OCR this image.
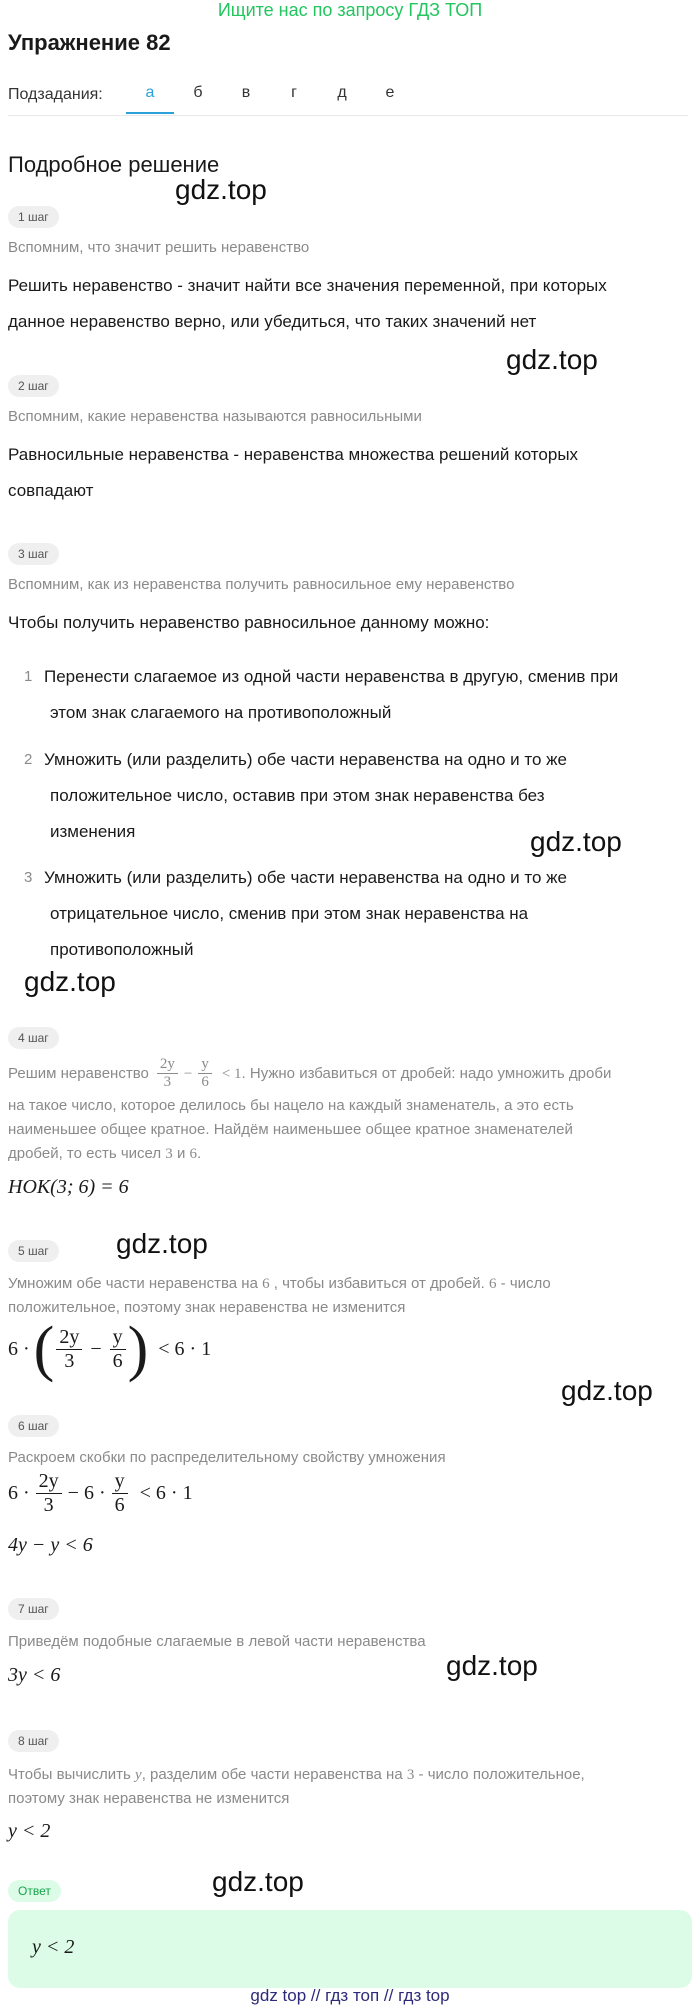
Ищите нас по запросу ГДЗ ТОП
Упражнение 82
Подзадания:	а	б	в	г	д	е
Подробное решение
1 шаг
Вспомним, что значит решить неравенство
Решить неравенство - значит найти все значения переменной, при которых
данное неравенство верно, или убедиться, что таких значений нет
2 шаг
Вспомним, какие неравенства называются равносильными
Равносильные неравенства - неравенства множества решений которых
совпадают
3 шаг
Вспомним, как из неравенства получить равносильное ему неравенство
Чтобы получить неравенство равносильное данному можно:
1 Перенести слагаемое из одной части неравенства в другую, сменив при
этом знак слагаемого на противоположный
2 Умножить (или разделить) обе части неравенства на одно и то же
положительное число, оставив при этом знак неравенства без
изменения
3 Умножить (или разделить) обе части неравенства на одно и то же
отрицательное число, сменив при этом знак неравенства на
противоположный
4 шаг
Решим неравенство $\frac{2y}{3} - \frac{y}{6} < 1$ . Нужно избавиться от дробей: надо умножить дроби
на такое число, которое делилось бы нацело на каждый знаменатель, а это есть
наименьшее общее кратное. Найдём наименьшее общее кратное знаменателей
дробей, то есть чисел 3 и 6.
НОК(3; 6) = 6
5 шаг
Умножим обе части неравенства на 6 , чтобы избавиться от дробей. 6 - число
положительное, поэтому знак неравенства не изменится
6 · ( $\frac{2y}{3} - \frac{y}{6}$ ) < 6 · 1
6 шаг
Раскроем скобки по распределительному свойству умножения
$6 \cdot \frac{2y}{3} - 6 \cdot \frac{y}{6} < 6 \cdot 1$
4y − y < 6
7 шаг
Приведём подобные слагаемые в левой части неравенства
3y < 6
8 шаг
Чтобы вычислить y, разделим обе части неравенства на 3 - число положительное,
поэтому знак неравенства не изменится
y < 2
Ответ
y < 2
gdz.top
gdz.top
gdz.top
gdz.top
gdz.top
gdz.top
gdz.top
gdz.top
gdz top // гдз топ // гдз top
